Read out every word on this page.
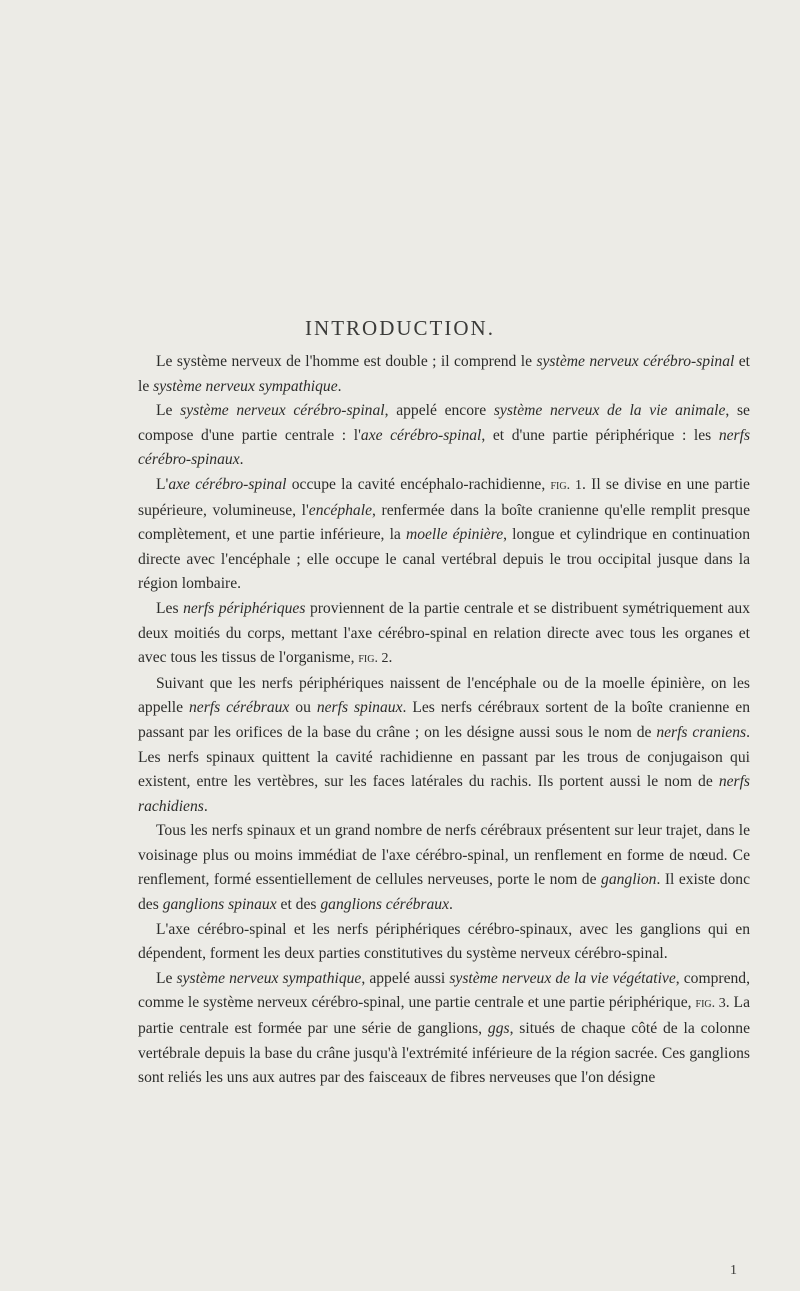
INTRODUCTION.

Le système nerveux de l'homme est double ; il comprend le système nerveux cérébro-spinal et le système nerveux sympathique.

Le système nerveux cérébro-spinal, appelé encore système nerveux de la vie animale, se compose d'une partie centrale : l'axe cérébro-spinal, et d'une partie périphérique : les nerfs cérébro-spinaux.

L'axe cérébro-spinal occupe la cavité encéphalo-rachidienne, fig. 1. Il se divise en une partie supérieure, volumineuse, l'encéphale, renfermée dans la boîte cranienne qu'elle remplit presque complètement, et une partie inférieure, la moelle épinière, longue et cylindrique en continuation directe avec l'encéphale ; elle occupe le canal vertébral depuis le trou occipital jusque dans la région lombaire.

Les nerfs périphériques proviennent de la partie centrale et se distribuent symétriquement aux deux moitiés du corps, mettant l'axe cérébro-spinal en relation directe avec tous les organes et avec tous les tissus de l'organisme, fig. 2.

Suivant que les nerfs périphériques naissent de l'encéphale ou de la moelle épinière, on les appelle nerfs cérébraux ou nerfs spinaux. Les nerfs cérébraux sortent de la boîte cranienne en passant par les orifices de la base du crâne ; on les désigne aussi sous le nom de nerfs craniens. Les nerfs spinaux quittent la cavité rachidienne en passant par les trous de conjugaison qui existent, entre les vertèbres, sur les faces latérales du rachis. Ils portent aussi le nom de nerfs rachidiens.

Tous les nerfs spinaux et un grand nombre de nerfs cérébraux présentent sur leur trajet, dans le voisinage plus ou moins immédiat de l'axe cérébro-spinal, un renflement en forme de nœud. Ce renflement, formé essentiellement de cellules nerveuses, porte le nom de ganglion. Il existe donc des ganglions spinaux et des ganglions cérébraux.

L'axe cérébro-spinal et les nerfs périphériques cérébro-spinaux, avec les ganglions qui en dépendent, forment les deux parties constitutives du système nerveux cérébro-spinal.

Le système nerveux sympathique, appelé aussi système nerveux de la vie végétative, comprend, comme le système nerveux cérébro-spinal, une partie centrale et une partie périphérique, fig. 3. La partie centrale est formée par une série de ganglions, ggs, situés de chaque côté de la colonne vertébrale depuis la base du crâne jusqu'à l'extrémité inférieure de la région sacrée. Ces ganglions sont reliés les uns aux autres par des faisceaux de fibres nerveuses que l'on désigne

1
